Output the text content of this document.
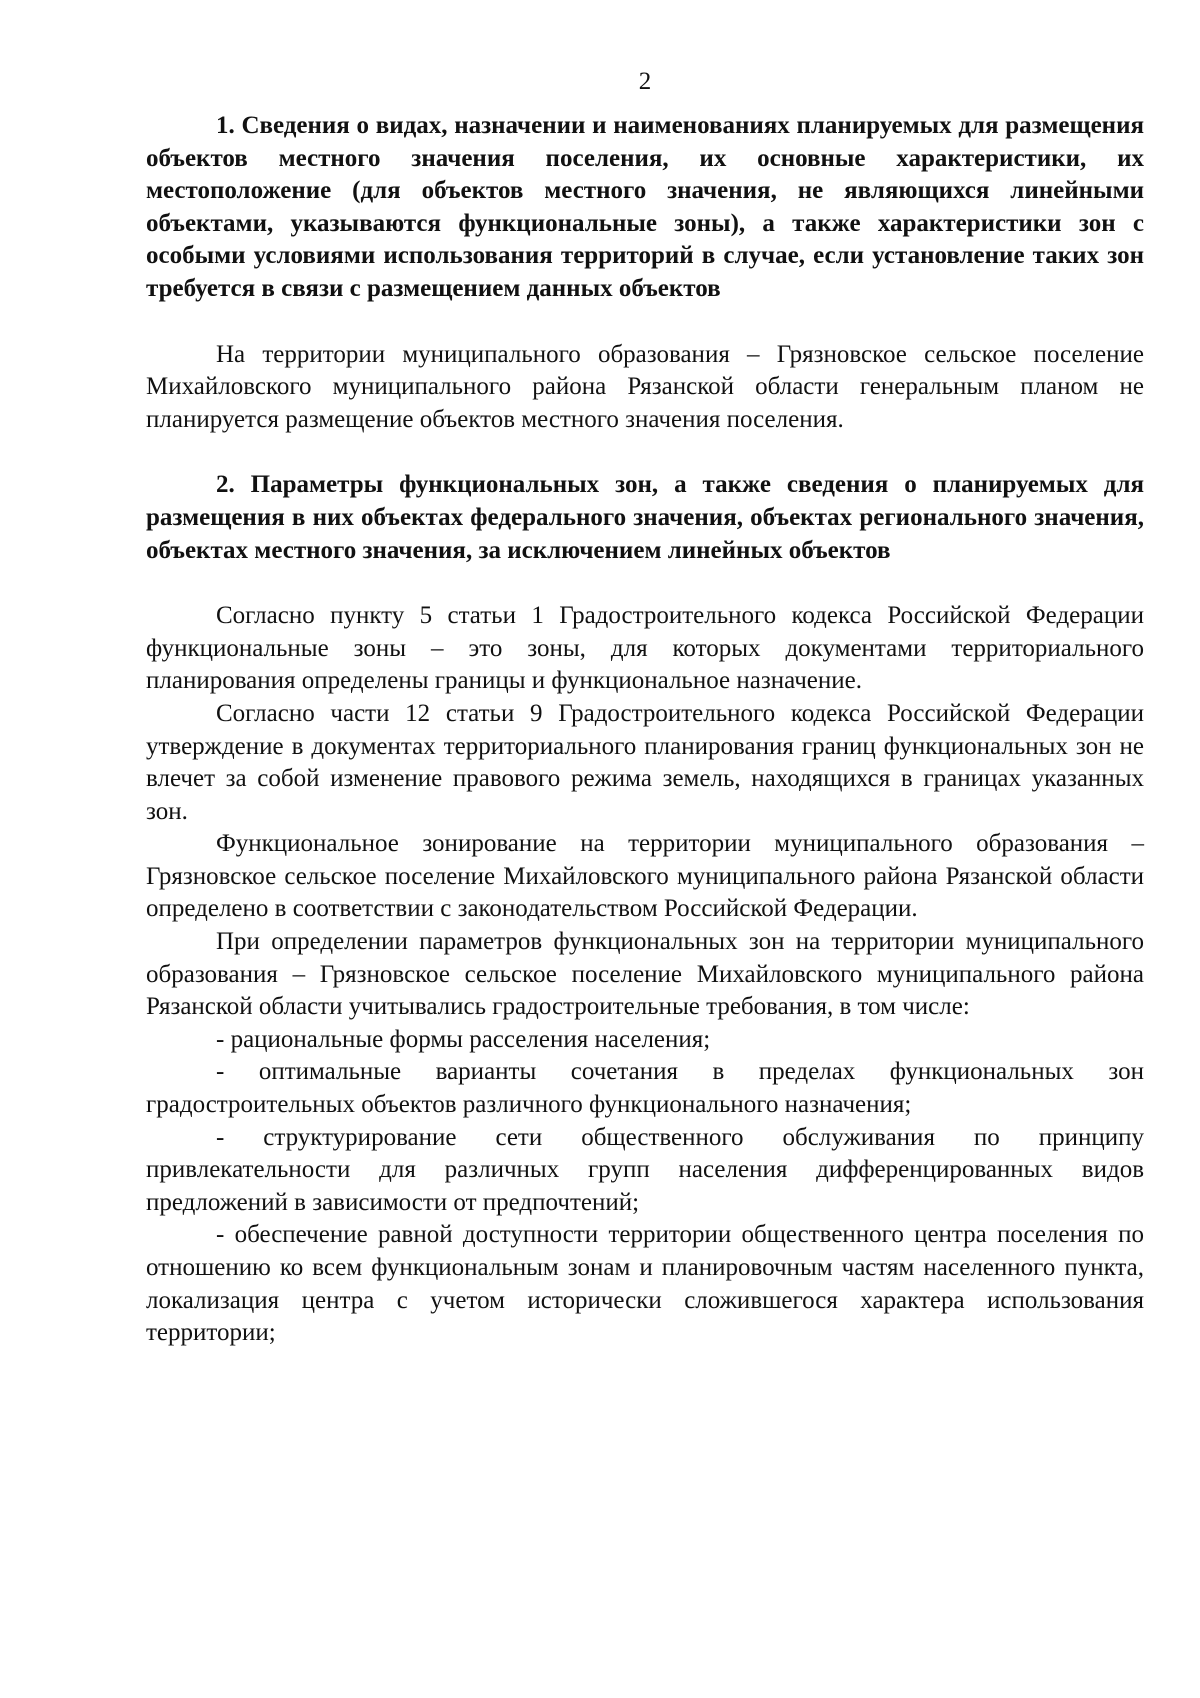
2

1. Сведения о видах, назначении и наименованиях планируемых для размещения объектов местного значения поселения, их основные характеристики, их местоположение (для объектов местного значения, не являющихся линейными объектами, указываются функциональные зоны), а также характеристики зон с особыми условиями использования территорий в случае, если установление таких зон требуется в связи с размещением данных объектов

На территории муниципального образования – Грязновское сельское поселение Михайловского муниципального района Рязанской области генеральным планом не планируется размещение объектов местного значения поселения.

2. Параметры функциональных зон, а также сведения о планируемых для размещения в них объектах федерального значения, объектах регионального значения, объектах местного значения, за исключением линейных объектов

Согласно пункту 5 статьи 1 Градостроительного кодекса Российской Федерации функциональные зоны – это зоны, для которых документами территориального планирования определены границы и функциональное назначение.

Согласно части 12 статьи 9 Градостроительного кодекса Российской Федерации утверждение в документах территориального планирования границ функциональных зон не влечет за собой изменение правового режима земель, находящихся в границах указанных зон.

Функциональное зонирование на территории муниципального образования – Грязновское сельское поселение Михайловского муниципального района Рязанской области определено в соответствии с законодательством Российской Федерации.

При определении параметров функциональных зон на территории муниципального образования – Грязновское сельское поселение Михайловского муниципального района Рязанской области учитывались градостроительные требования, в том числе:

- рациональные формы расселения населения;

- оптимальные варианты сочетания в пределах функциональных зон градостроительных объектов различного функционального назначения;

- структурирование сети общественного обслуживания по принципу привлекательности для различных групп населения дифференцированных видов предложений в зависимости от предпочтений;

- обеспечение равной доступности территории общественного центра поселения по отношению ко всем функциональным зонам и планировочным частям населенного пункта, локализация центра с учетом исторически сложившегося характера использования территории;
